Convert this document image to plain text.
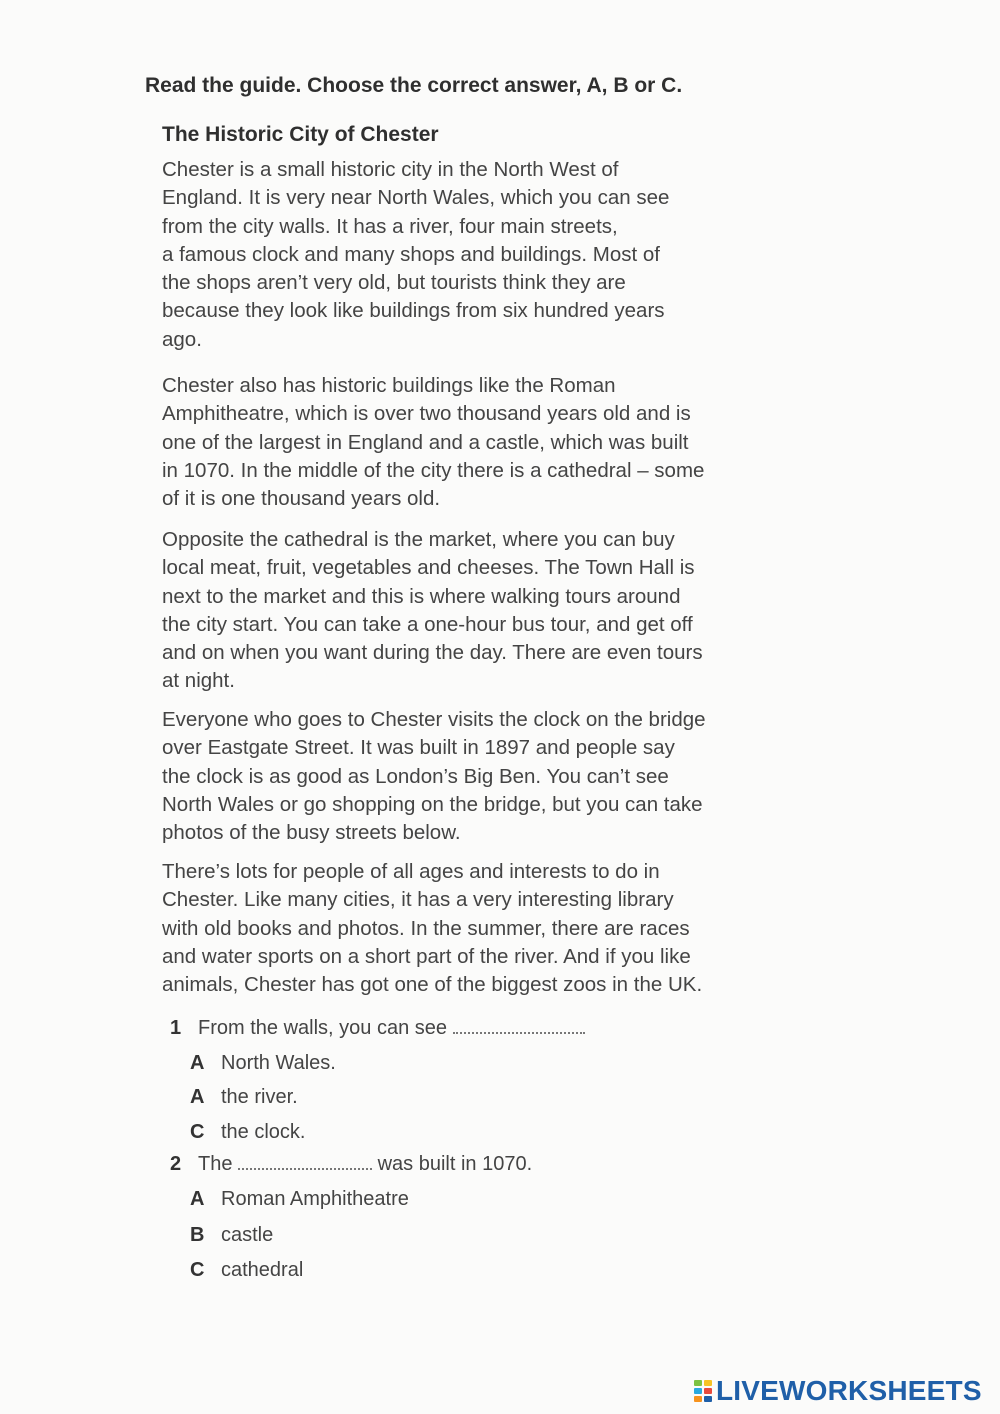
Read the guide. Choose the correct answer, A, B or C.
The Historic City of Chester
Chester is a small historic city in the North West of
England. It is very near North Wales, which you can see
from the city walls. It has a river, four main streets,
a famous clock and many shops and buildings. Most of
the shops aren’t very old, but tourists think they are
because they look like buildings from six hundred years
ago.
Chester also has historic buildings like the Roman
Amphitheatre, which is over two thousand years old and is
one of the largest in England and a castle, which was built
in 1070. In the middle of the city there is a cathedral – some
of it is one thousand years old.
Opposite the cathedral is the market, where you can buy
local meat, fruit, vegetables and cheeses. The Town Hall is
next to the market and this is where walking tours around
the city start. You can take a one-hour bus tour, and get off
and on when you want during the day. There are even tours
at night.
Everyone who goes to Chester visits the clock on the bridge
over Eastgate Street. It was built in 1897 and people say
the clock is as good as London’s Big Ben. You can’t see
North Wales or go shopping on the bridge, but you can take
photos of the busy streets below.
There’s lots for people of all ages and interests to do in
Chester. Like many cities, it has a very interesting library
with old books and photos. In the summer, there are races
and water sports on a short part of the river. And if you like
animals, Chester has got one of the biggest zoos in the UK.
1 From the walls, you can see
A North Wales.
A the river.
C the clock.
2 The	was built in 1070.
A Roman Amphitheatre
B castle
C cathedral
LIVEWORKSHEETS
